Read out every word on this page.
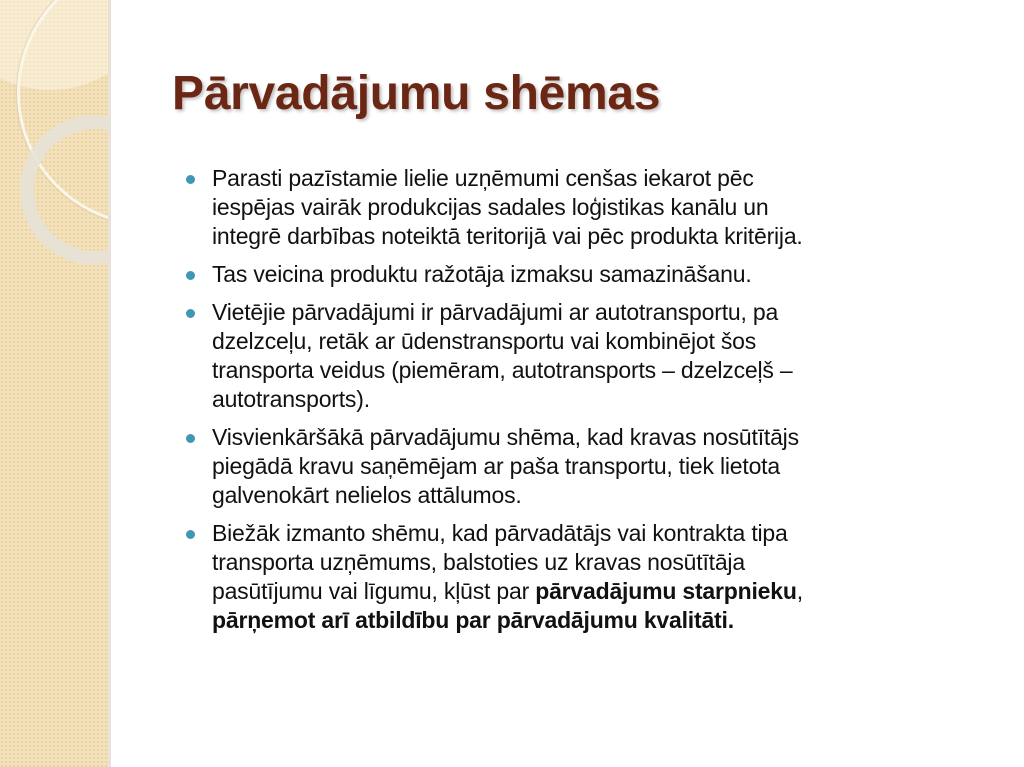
Pārvadājumu shēmas
Parasti pazīstamie lielie uzņēmumi cenšas iekarot pēc
iespējas vairāk produkcijas sadales loģistikas kanālu un
integrē darbības noteiktā teritorijā vai pēc produkta kritērija.
Tas veicina produktu ražotāja izmaksu samazināšanu.
Vietējie pārvadājumi ir pārvadājumi ar autotransportu, pa
dzelzceļu, retāk ar ūdenstransportu vai kombinējot šos
transporta veidus (piemēram, autotransports – dzelzceļš –
autotransports).
Visvienkāršākā pārvadājumu shēma, kad kravas nosūtītājs
piegādā kravu saņēmējam ar paša transportu, tiek lietota
galvenokārt nelielos attālumos.
Biežāk izmanto shēmu, kad pārvadātājs vai kontrakta tipa
transporta uzņēmums, balstoties uz kravas nosūtītāja
pasūtījumu vai līgumu, kļūst par pārvadājumu starpnieku,
pārņemot arī atbildību par pārvadājumu kvalitāti.
